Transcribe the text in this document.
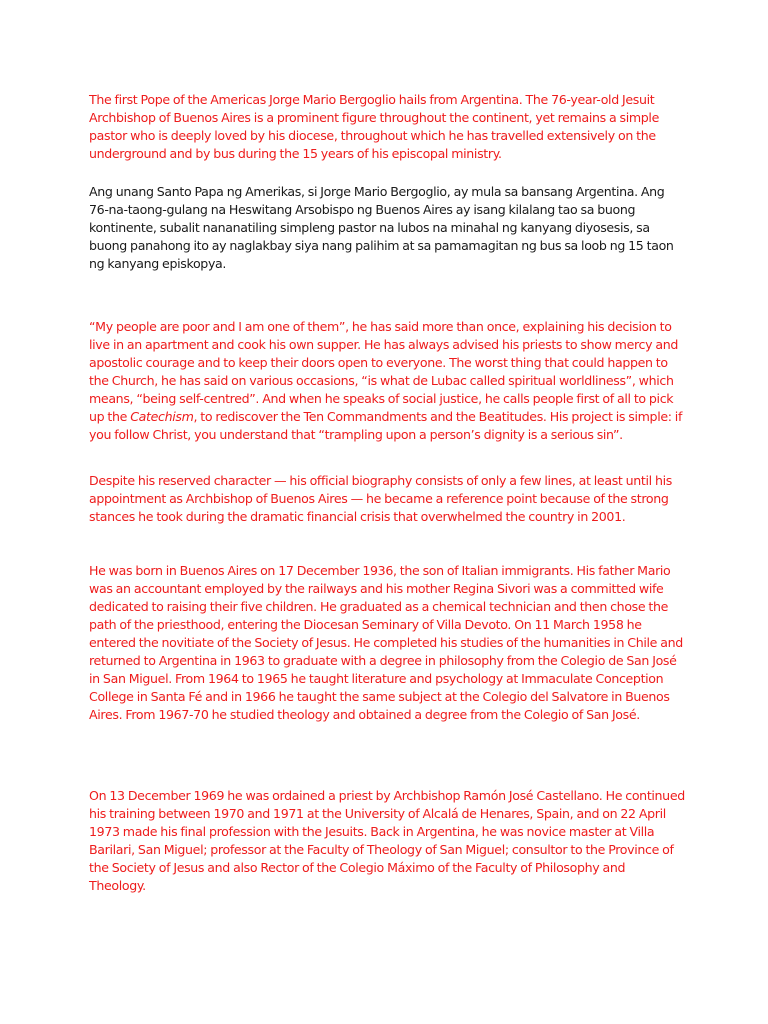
The first Pope of the Americas Jorge Mario Bergoglio hails from Argentina. The 76-year-old Jesuit Archbishop of Buenos Aires is a prominent figure throughout the continent, yet remains a simple pastor who is deeply loved by his diocese, throughout which he has travelled extensively on the underground and by bus during the 15 years of his episcopal ministry.

Ang unang Santo Papa ng Amerikas, si Jorge Mario Bergoglio, ay mula sa bansang Argentina. Ang 76-na-taong-gulang na Heswitang Arsobispo ng Buenos Aires ay isang kilalang tao sa buong kontinente, subalit nananatiling simpleng pastor na lubos na minahal ng kanyang diyosesis, sa buong panahong ito ay naglakbay siya nang palihim at sa pamamagitan ng bus sa loob ng 15 taon ng kanyang episkopya.

“My people are poor and I am one of them”, he has said more than once, explaining his decision to live in an apartment and cook his own supper. He has always advised his priests to show mercy and apostolic courage and to keep their doors open to everyone. The worst thing that could happen to the Church, he has said on various occasions, “is what de Lubac called spiritual worldliness”, which means, “being self-centred”. And when he speaks of social justice, he calls people first of all to pick up the Catechism, to rediscover the Ten Commandments and the Beatitudes. His project is simple: if you follow Christ, you understand that “trampling upon a person’s dignity is a serious sin”.

Despite his reserved character — his official biography consists of only a few lines, at least until his appointment as Archbishop of Buenos Aires — he became a reference point because of the strong stances he took during the dramatic financial crisis that overwhelmed the country in 2001.

He was born in Buenos Aires on 17 December 1936, the son of Italian immigrants. His father Mario was an accountant employed by the railways and his mother Regina Sivori was a committed wife dedicated to raising their five children. He graduated as a chemical technician and then chose the path of the priesthood, entering the Diocesan Seminary of Villa Devoto. On 11 March 1958 he entered the novitiate of the Society of Jesus. He completed his studies of the humanities in Chile and returned to Argentina in 1963 to graduate with a degree in philosophy from the Colegio de San José in San Miguel. From 1964 to 1965 he taught literature and psychology at Immaculate Conception College in Santa Fé and in 1966 he taught the same subject at the Colegio del Salvatore in Buenos Aires. From 1967-70 he studied theology and obtained a degree from the Colegio of San José.

On 13 December 1969 he was ordained a priest by Archbishop Ramón José Castellano. He continued his training between 1970 and 1971 at the University of Alcalá de Henares, Spain, and on 22 April 1973 made his final profession with the Jesuits. Back in Argentina, he was novice master at Villa Barilari, San Miguel; professor at the Faculty of Theology of San Miguel; consultor to the Province of the Society of Jesus and also Rector of the Colegio Máximo of the Faculty of Philosophy and Theology.
